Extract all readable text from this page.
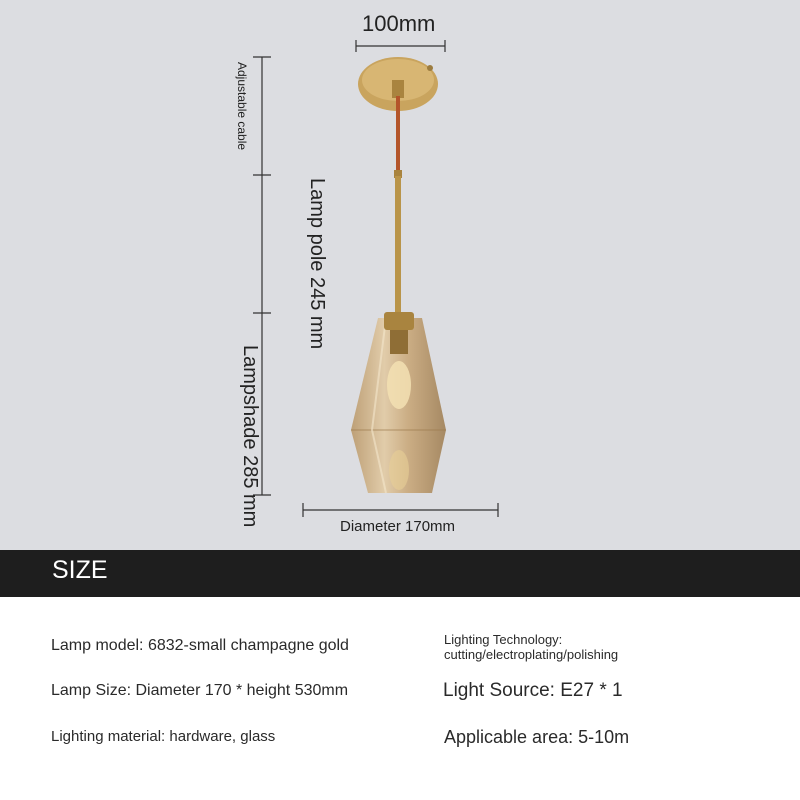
100mm
Adjustable cable
Lamp pole 245 mm
Lampshade 285 mm	Diameter 170mm
SIZE
Lamp model: 6832-small champagne gold
Lamp Size: Diameter 170 * height 530mm
Lighting material: hardware, glass
Lighting Technology:
cutting/electroplating/polishing
Light Source: E27 * 1
Applicable area: 5-10m
